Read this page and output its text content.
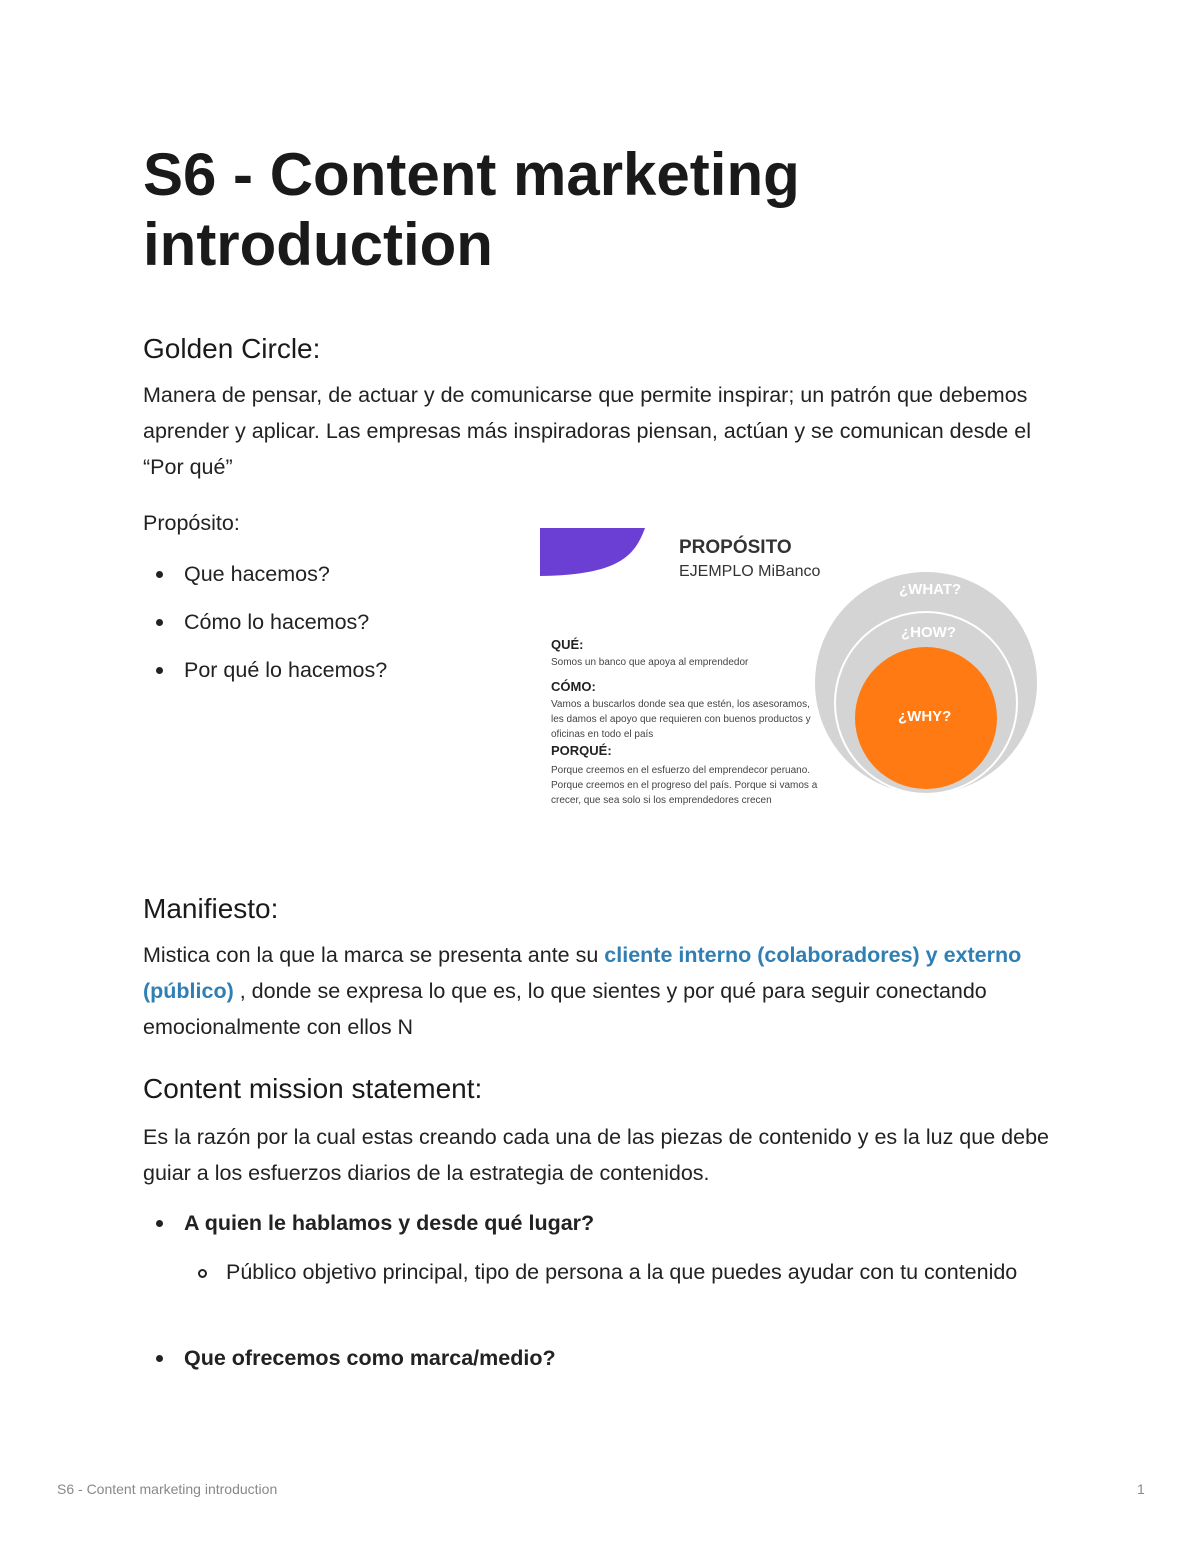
S6 - Content marketing introduction
Golden Circle:

Manera de pensar, de actuar y de comunicarse que permite inspirar; un patrón que debemos aprender y aplicar. Las empresas más inspiradoras piensan, actúan y se comunican desde el “Por qué”

Propósito:

Que hacemos?
Cómo lo hacemos?
Por qué lo hacemos?
PROPÓSITO
EJEMPLO MiBanco
QUÉ:
Somos un banco que apoya al emprendedor
CÓMO:
Vamos a buscarlos donde sea que estén, los asesoramos, les damos el apoyo que requieren con buenos productos y oficinas en todo el país
PORQUÉ:
Porque creemos en el esfuerzo del emprendecor peruano. Porque creemos en el progreso del país. Porque si vamos a crecer, que sea solo si los emprendedores crecen
¿WHAT?
¿HOW?
¿WHY?
Manifiesto:

Mistica con la que la marca se presenta ante su cliente interno (colaboradores) y externo (público) , donde se expresa lo que es, lo que sientes y por qué para seguir conectando emocionalmente con ellos N

Content mission statement:

Es la razón por la cual estas creando cada una de las piezas de contenido y es la luz que debe guiar a los esfuerzos diarios de la estrategia de contenidos.

A quien le hablamos y desde qué lugar?
Público objetivo principal, tipo de persona a la que puedes ayudar con tu contenido
Que ofrecemos como marca/medio?
S6 - Content marketing introduction	1
